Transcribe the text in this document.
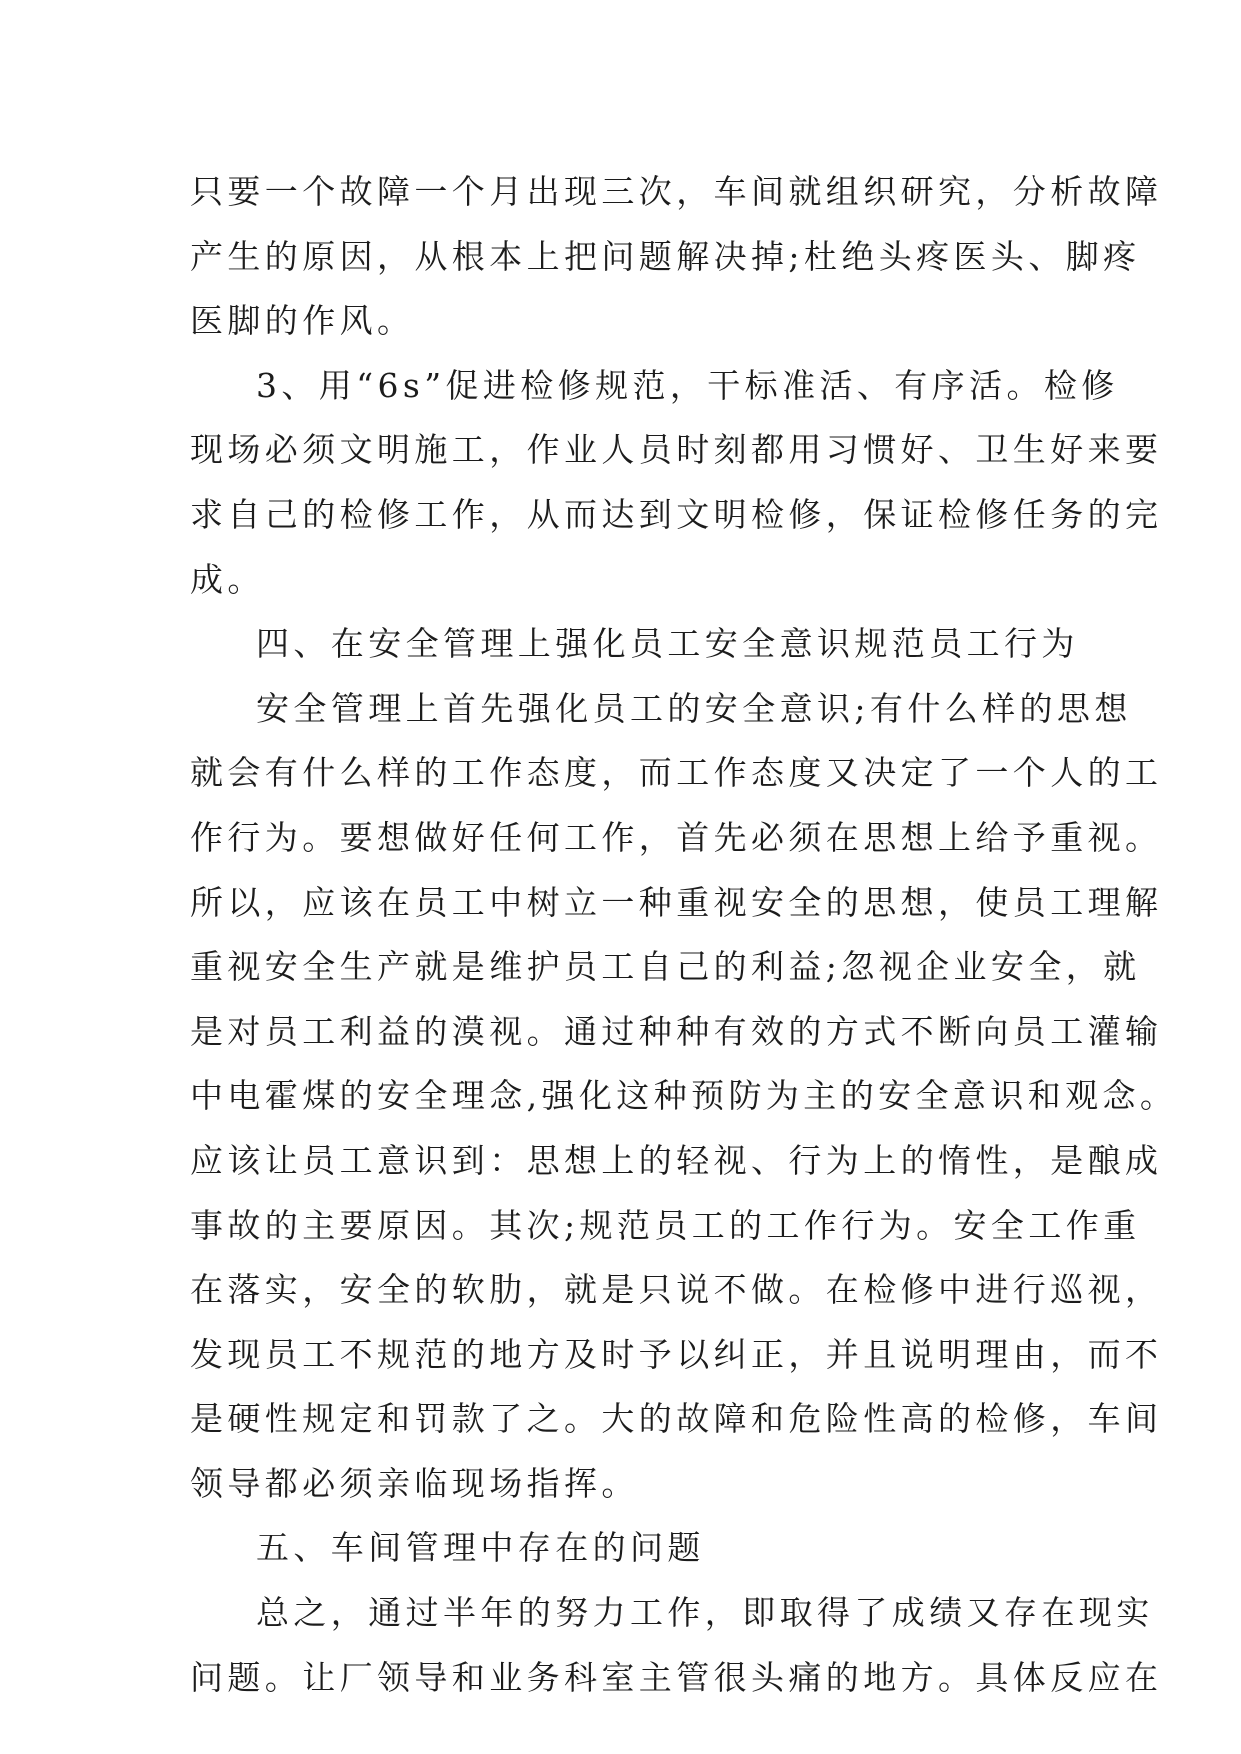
只要一个故障一个月出现三次，车间就组织研究，分析故障
产生的原因，从根本上把问题解决掉;杜绝头疼医头、脚疼
医脚的作风。
3、用“6s”促进检修规范，干标准活、有序活。检修
现场必须文明施工，作业人员时刻都用习惯好、卫生好来要
求自己的检修工作，从而达到文明检修，保证检修任务的完
成。
四、在安全管理上强化员工安全意识规范员工行为
安全管理上首先强化员工的安全意识;有什么样的思想
就会有什么样的工作态度，而工作态度又决定了一个人的工
作行为。要想做好任何工作，首先必须在思想上给予重视。
所以，应该在员工中树立一种重视安全的思想，使员工理解
重视安全生产就是维护员工自己的利益;忽视企业安全，就
是对员工利益的漠视。通过种种有效的方式不断向员工灌输
中电霍煤的安全理念,强化这种预防为主的安全意识和观念。
应该让员工意识到：思想上的轻视、行为上的惰性，是酿成
事故的主要原因。其次;规范员工的工作行为。安全工作重
在落实，安全的软肋，就是只说不做。在检修中进行巡视，
发现员工不规范的地方及时予以纠正，并且说明理由，而不
是硬性规定和罚款了之。大的故障和危险性高的检修，车间
领导都必须亲临现场指挥。
五、车间管理中存在的问题
总之，通过半年的努力工作，即取得了成绩又存在现实
问题。让厂领导和业务科室主管很头痛的地方。具体反应在
